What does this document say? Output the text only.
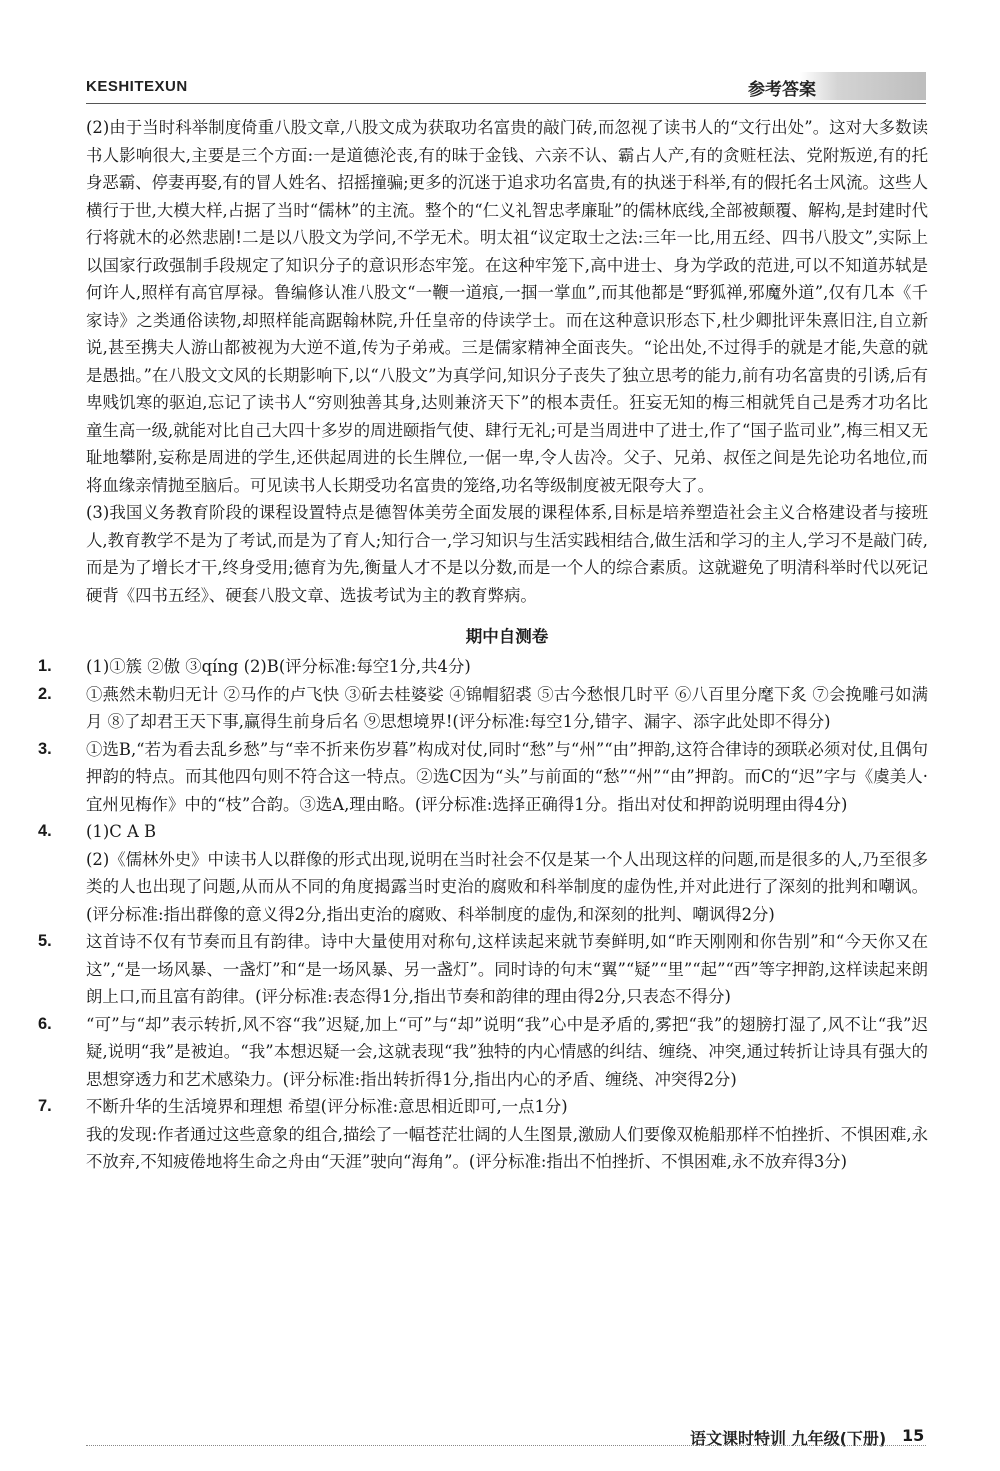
KESHITEXUN	参考答案

(2)由于当时科举制度倚重八股文章,八股文成为获取功名富贵的敲门砖,而忽视了读书人的“文行出处”。这对大多数读书人影响很大,主要是三个方面:一是道德沦丧,有的昧于金钱、六亲不认、霸占人产,有的贪赃枉法、党附叛逆,有的托身恶霸、停妻再娶,有的冒人姓名、招摇撞骗;更多的沉迷于追求功名富贵,有的执迷于科举,有的假托名士风流。这些人横行于世,大模大样,占据了当时“儒林”的主流。整个的“仁义礼智忠孝廉耻”的儒林底线,全部被颠覆、解构,是封建时代行将就木的必然悲剧!二是以八股文为学问,不学无术。明太祖“议定取士之法:三年一比,用五经、四书八股文”,实际上以国家行政强制手段规定了知识分子的意识形态牢笼。在这种牢笼下,高中进士、身为学政的范进,可以不知道苏轼是何许人,照样有高官厚禄。鲁编修认准八股文“一鞭一道痕,一掴一掌血”,而其他都是“野狐禅,邪魔外道”,仅有几本《千家诗》之类通俗读物,却照样能高踞翰林院,升任皇帝的侍读学士。而在这种意识形态下,杜少卿批评朱熹旧注,自立新说,甚至携夫人游山都被视为大逆不道,传为子弟戒。三是儒家精神全面丧失。“论出处,不过得手的就是才能,失意的就是愚拙。”在八股文文风的长期影响下,以“八股文”为真学问,知识分子丧失了独立思考的能力,前有功名富贵的引诱,后有卑贱饥寒的驱迫,忘记了读书人“穷则独善其身,达则兼济天下”的根本责任。狂妄无知的梅三相就凭自己是秀才功名比童生高一级,就能对比自己大四十多岁的周进颐指气使、肆行无礼;可是当周进中了进士,作了“国子监司业”,梅三相又无耻地攀附,妄称是周进的学生,还供起周进的长生牌位,一倨一卑,令人齿冷。父子、兄弟、叔侄之间是先论功名地位,而将血缘亲情抛至脑后。可见读书人长期受功名富贵的笼络,功名等级制度被无限夸大了。

(3)我国义务教育阶段的课程设置特点是德智体美劳全面发展的课程体系,目标是培养塑造社会主义合格建设者与接班人,教育教学不是为了考试,而是为了育人;知行合一,学习知识与生活实践相结合,做生活和学习的主人,学习不是敲门砖,而是为了增长才干,终身受用;德育为先,衡量人才不是以分数,而是一个人的综合素质。这就避免了明清科举时代以死记硬背《四书五经》、硬套八股文章、选拔考试为主的教育弊病。

期中自测卷
1. (1)①簇 ②傲 ③qíng (2)B(评分标准:每空1分,共4分)

2. ①燕然未勒归无计 ②马作的卢飞快 ③斫去桂婆娑 ④锦帽貂裘 ⑤古今愁恨几时平 ⑥八百里分麾下炙 ⑦会挽雕弓如满月 ⑧了却君王天下事,赢得生前身后名 ⑨思想境界!(评分标准:每空1分,错字、漏字、添字此处即不得分)

3. ①选B,“若为看去乱乡愁”与“幸不折来伤岁暮”构成对仗,同时“愁”与“州”“由”押韵,这符合律诗的颈联必须对仗,且偶句押韵的特点。而其他四句则不符合这一特点。②选C因为“头”与前面的“愁”“州”“由”押韵。而C的“迟”字与《虞美人·宜州见梅作》中的“枝”合韵。③选A,理由略。(评分标准:选择正确得1分。指出对仗和押韵说明理由得4分)

4. (1)C A B

(2)《儒林外史》中读书人以群像的形式出现,说明在当时社会不仅是某一个人出现这样的问题,而是很多的人,乃至很多类的人也出现了问题,从而从不同的角度揭露当时吏治的腐败和科举制度的虚伪性,并对此进行了深刻的批判和嘲讽。(评分标准:指出群像的意义得2分,指出吏治的腐败、科举制度的虚伪,和深刻的批判、嘲讽得2分)

5. 这首诗不仅有节奏而且有韵律。诗中大量使用对称句,这样读起来就节奏鲜明,如“昨天刚刚和你告别”和“今天你又在这”,“是一场风暴、一盏灯”和“是一场风暴、另一盏灯”。同时诗的句末“翼”“疑”“里”“起”“西”等字押韵,这样读起来朗朗上口,而且富有韵律。(评分标准:表态得1分,指出节奏和韵律的理由得2分,只表态不得分)

6. “可”与“却”表示转折,风不容“我”迟疑,加上“可”与“却”说明“我”心中是矛盾的,雾把“我”的翅膀打湿了,风不让“我”迟疑,说明“我”是被迫。“我”本想迟疑一会,这就表现“我”独特的内心情感的纠结、缠绕、冲突,通过转折让诗具有强大的思想穿透力和艺术感染力。(评分标准:指出转折得1分,指出内心的矛盾、缠绕、冲突得2分)

7. 不断升华的生活境界和理想 希望(评分标准:意思相近即可,一点1分)

我的发现:作者通过这些意象的组合,描绘了一幅苍茫壮阔的人生图景,激励人们要像双桅船那样不怕挫折、不惧困难,永不放弃,不知疲倦地将生命之舟由“天涯”驶向“海角”。(评分标准:指出不怕挫折、不惧困难,永不放弃得3分)

语文课时特训 九年级(下册) 15
